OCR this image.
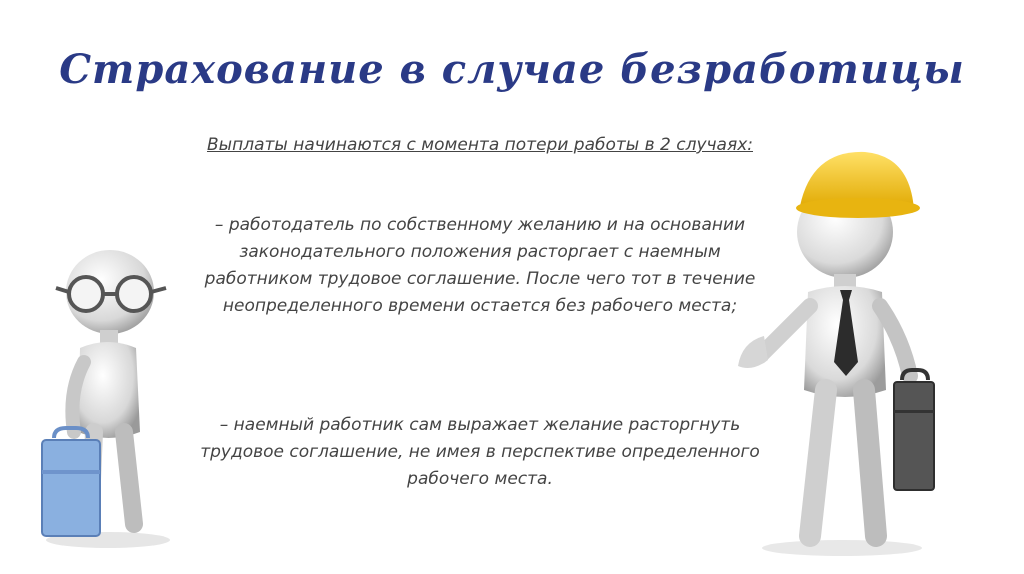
Страхование в случае безработицы
Выплаты начинаются с момента потери работы в 2 случаях:
– работодатель по собственному желанию и на основании законодательного положения расторгает с наемным работником трудовое соглашение. После чего тот в течение неопределенного времени остается без рабочего места;
– наемный работник сам выражает желание расторгнуть трудовое соглашение, не имея в перспективе определенного рабочего места.
